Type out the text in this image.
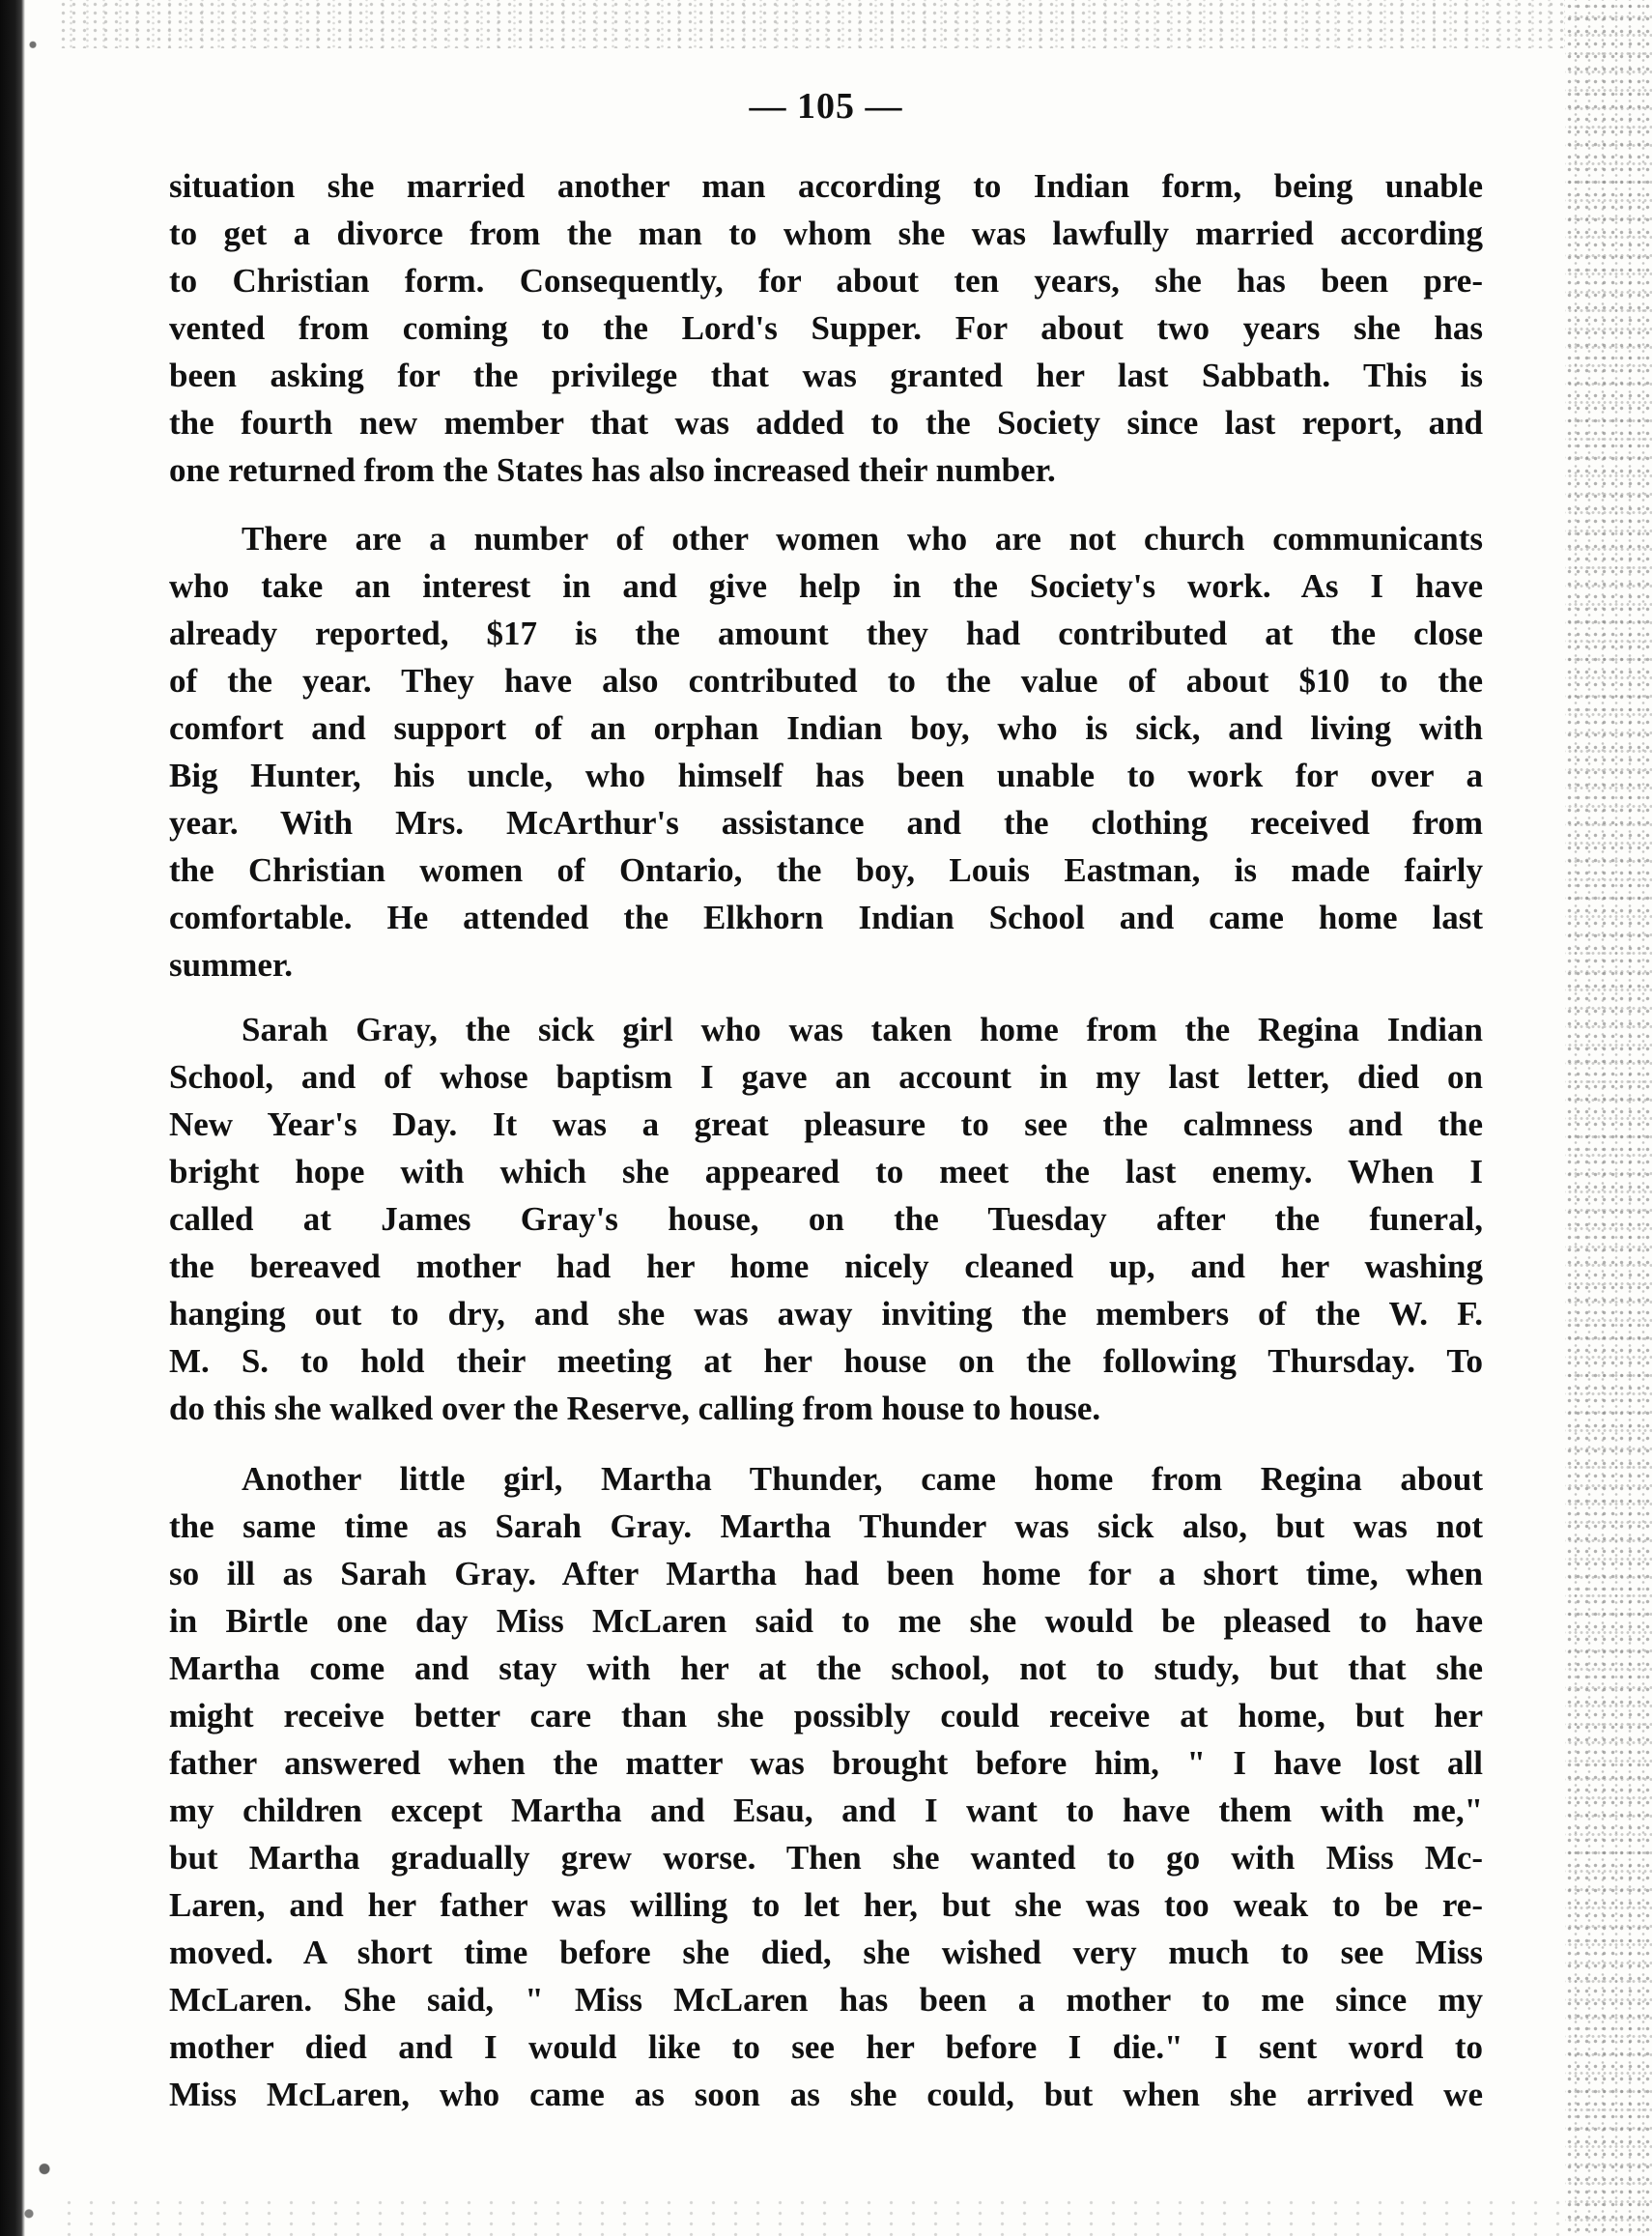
— 105 —

situation she married another man according to Indian form, being unable
to get a divorce from the man to whom she was lawfully married according
to Christian form. Consequently, for about ten years, she has been pre-
vented from coming to the Lord's Supper. For about two years she has
been asking for the privilege that was granted her last Sabbath. This is
the fourth new member that was added to the Society since last report, and
one returned from the States has also increased their number.

There are a number of other women who are not church communicants
who take an interest in and give help in the Society's work. As I have
already reported, $17 is the amount they had contributed at the close
of the year. They have also contributed to the value of about $10 to the
comfort and support of an orphan Indian boy, who is sick, and living with
Big Hunter, his uncle, who himself has been unable to work for over a
year. With Mrs. McArthur's assistance and the clothing received from
the Christian women of Ontario, the boy, Louis Eastman, is made fairly
comfortable. He attended the Elkhorn Indian School and came home last
summer.

Sarah Gray, the sick girl who was taken home from the Regina Indian
School, and of whose baptism I gave an account in my last letter, died on
New Year's Day. It was a great pleasure to see the calmness and the
bright hope with which she appeared to meet the last enemy. When I
called at James Gray's house, on the Tuesday after the funeral,
the bereaved mother had her home nicely cleaned up, and her washing
hanging out to dry, and she was away inviting the members of the W. F.
M. S. to hold their meeting at her house on the following Thursday. To
do this she walked over the Reserve, calling from house to house.

Another little girl, Martha Thunder, came home from Regina about
the same time as Sarah Gray. Martha Thunder was sick also, but was not
so ill as Sarah Gray. After Martha had been home for a short time, when
in Birtle one day Miss McLaren said to me she would be pleased to have
Martha come and stay with her at the school, not to study, but that she
might receive better care than she possibly could receive at home, but her
father answered when the matter was brought before him, " I have lost all
my children except Martha and Esau, and I want to have them with me,"
but Martha gradually grew worse. Then she wanted to go with Miss Mc-
Laren, and her father was willing to let her, but she was too weak to be re-
moved. A short time before she died, she wished very much to see Miss
McLaren. She said, " Miss McLaren has been a mother to me since my
mother died and I would like to see her before I die." I sent word to
Miss McLaren, who came as soon as she could, but when she arrived we
